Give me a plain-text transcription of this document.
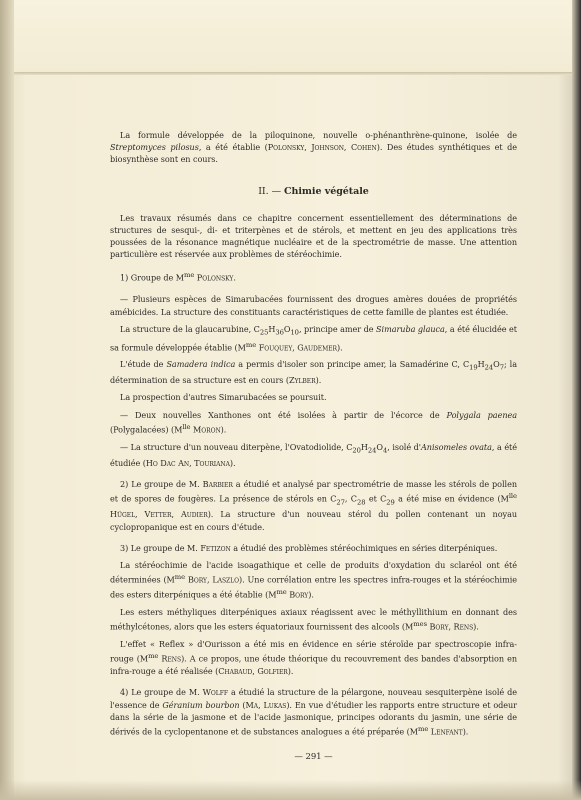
La formule développée de la piloquinone, nouvelle o-phénanthrène-quinone, isolée de Streptomyces pilosus, a été établie (Polonsky, Johnson, Cohen). Des études synthétiques et de biosynthèse sont en cours.

II. — Chimie végétale

Les travaux résumés dans ce chapitre concernent essentiellement des déterminations de structures de sesqui-, di- et triterpènes et de stérols, et mettent en jeu des applications très poussées de la résonance magnétique nucléaire et de la spectrométrie de masse. Une attention particulière est réservée aux problèmes de stéréochimie.

1) Groupe de $M^{me}$ Polonsky.

— Plusieurs espèces de Simarubacées fournissent des drogues amères douées de propriétés amébicides. La structure des constituants caractéristiques de cette famille de plantes est étudiée.

La structure de la glaucarubine, $C_{25}H_{36}O_{10}$, principe amer de Simaruba glauca, a été élucidée et sa formule développée établie ($M^{me}$ Fouquey, Gaudemer).

L'étude de Samadera indica a permis d'isoler son principe amer, la Samadérine C, $C_{19}H_{24}O_7$; la détermination de sa structure est en cours (Zylber).

La prospection d'autres Simarubacées se poursuit.

— Deux nouvelles Xanthones ont été isolées à partir de l'écorce de Polygala paenea (Polygalacées) ($M^{lle}$ Moron).

— La structure d'un nouveau diterpène, l'Ovatodiolide, $C_{20}H_{24}O_4$, isolé d'Anisomeles ovata, a été étudiée (Ho Dac An, Touriana).

2) Le groupe de M. Barbier a étudié et analysé par spectrométrie de masse les stérols de pollen et de spores de fougères. La présence de stérols en $C_{27}$, $C_{28}$ et $C_{29}$ a été mise en évidence ($M^{lle}$ Hügel, Vetter, Audier). La structure d'un nouveau stérol du pollen contenant un noyau cyclopropanique est en cours d'étude.

3) Le groupe de M. Fetizon a étudié des problèmes stéréochimiques en séries diterpéniques.

La stéréochimie de l'acide isoagathique et celle de produits d'oxydation du sclaréol ont été déterminées ($M^{me}$ Bory, Laszlo). Une corrélation entre les spectres infra-rouges et la stéréochimie des esters diterpéniques a été établie ($M^{me}$ Bory).

Les esters méthyliques diterpéniques axiaux réagissent avec le méthyllithium en donnant des méthylcétones, alors que les esters équatoriaux fournissent des alcools ($M^{mes}$ Bory, Rens).

L'effet « Reflex » d'Ourisson a été mis en évidence en série stéroïde par spectroscopie infra-rouge ($M^{me}$ Rens). A ce propos, une étude théorique du recouvrement des bandes d'absorption en infra-rouge a été réalisée (Chabaud, Golfier).

4) Le groupe de M. Wolff a étudié la structure de la pélargone, nouveau sesquiterpène isolé de l'essence de Géranium bourbon (Ma, Lukas). En vue d'étudier les rapports entre structure et odeur dans la série de la jasmone et de l'acide jasmonique, principes odorants du jasmin, une série de dérivés de la cyclopentanone et de substances analogues a été préparée ($M^{me}$ Lenfant).

— 291 —
